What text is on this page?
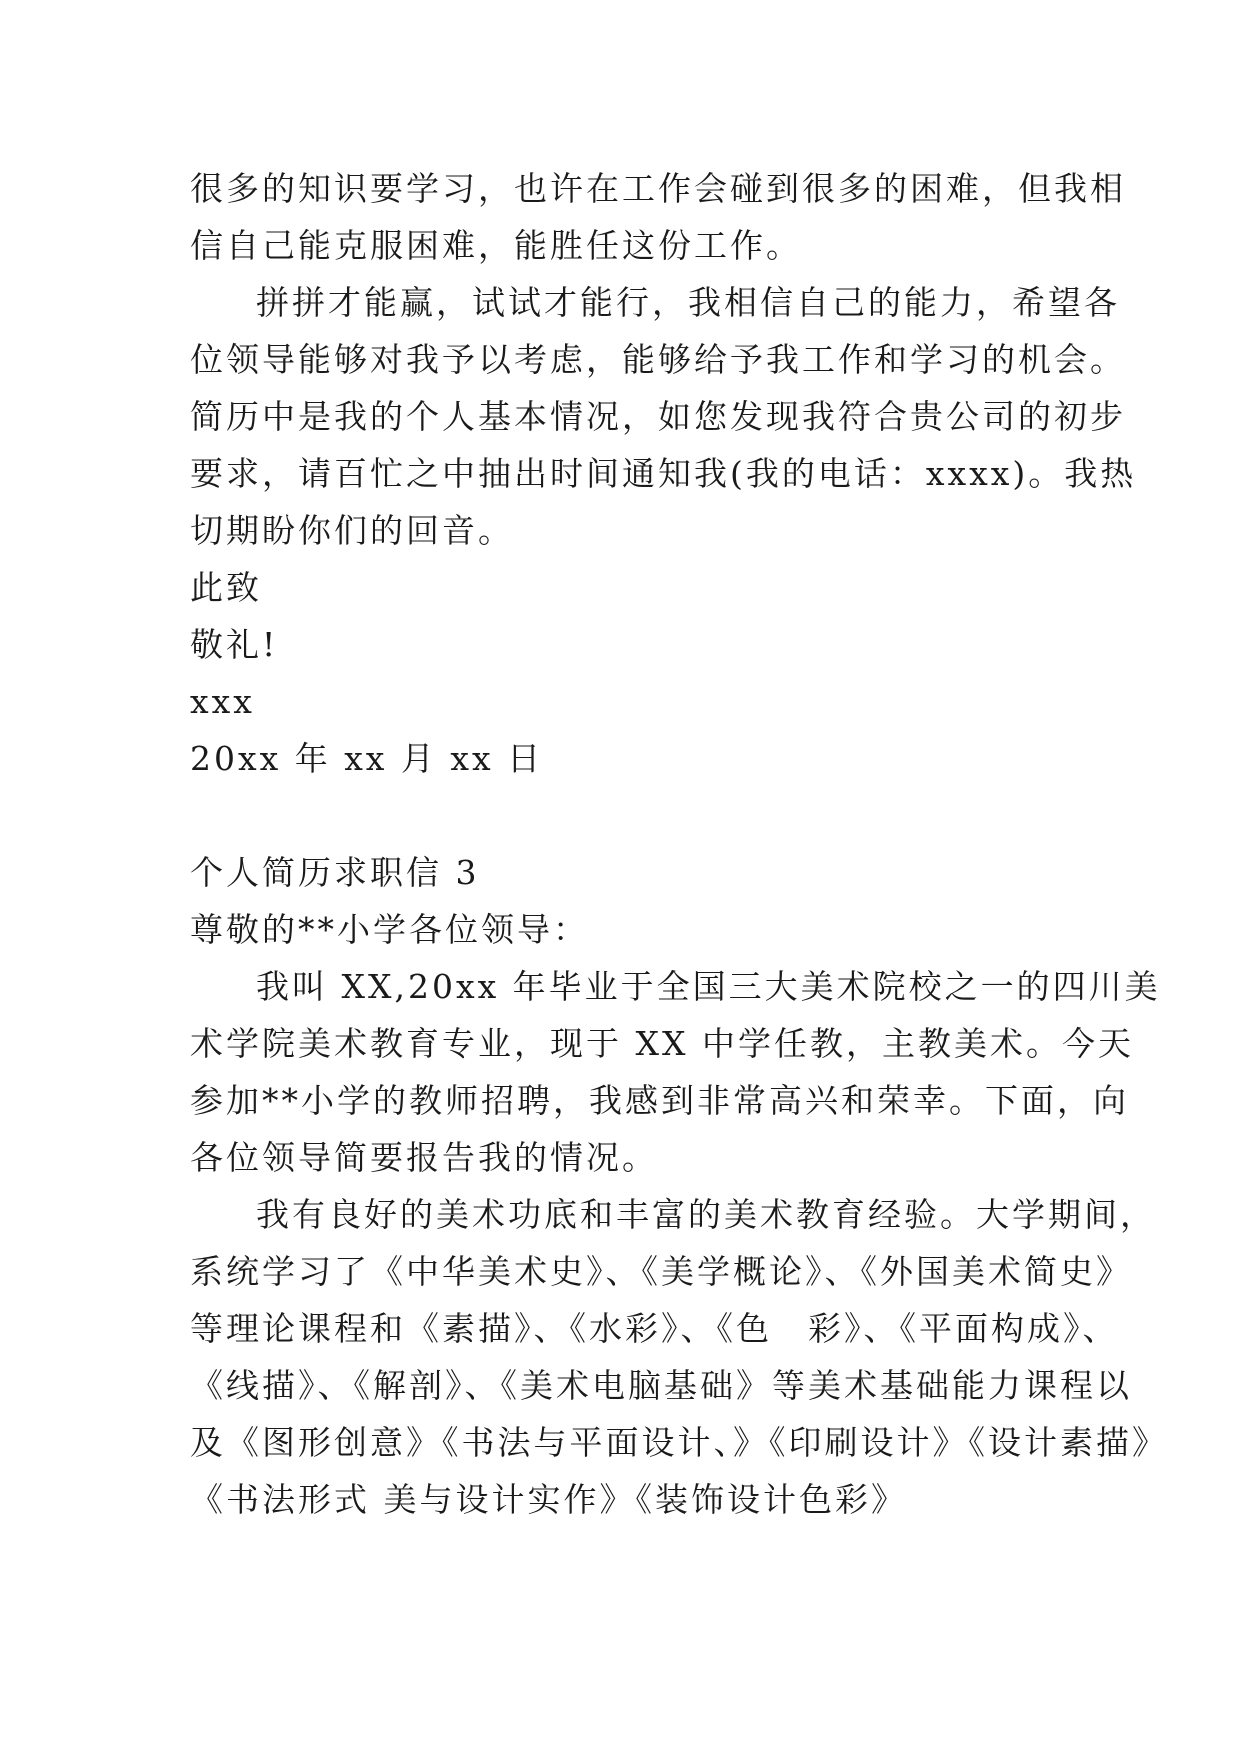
很多的知识要学习，也许在工作会碰到很多的困难，但我相
信自己能克服困难，能胜任这份工作。
拼拼才能赢，试试才能行，我相信自己的能力，希望各
位领导能够对我予以考虑，能够给予我工作和学习的机会。
简历中是我的个人基本情况，如您发现我符合贵公司的初步
要求，请百忙之中抽出时间通知我(我的电话：xxxx)。我热
切期盼你们的回音。
此致
敬礼!
xxx
20xx 年 xx 月 xx 日
个人简历求职信 3
尊敬的**小学各位领导：
我叫 XX,20xx 年毕业于全国三大美术院校之一的四川美
术学院美术教育专业，现于 XX 中学任教，主教美术。今天
参加**小学的教师招聘，我感到非常高兴和荣幸。下面，向
各位领导简要报告我的情况。
我有良好的美术功底和丰富的美术教育经验。大学期间，
系统学习了《中华美术史》、《美学概论》、《外国美术简史》
等理论课程和《素描》、《水彩》、《色　彩》、《平面构成》、
《线描》、《解剖》、《美术电脑基础》等美术基础能力课程以
及《图形创意》《书法与平面设计、》《印刷设计》《设计素描》
《书法形式 美与设计实作》《装饰设计色彩》
